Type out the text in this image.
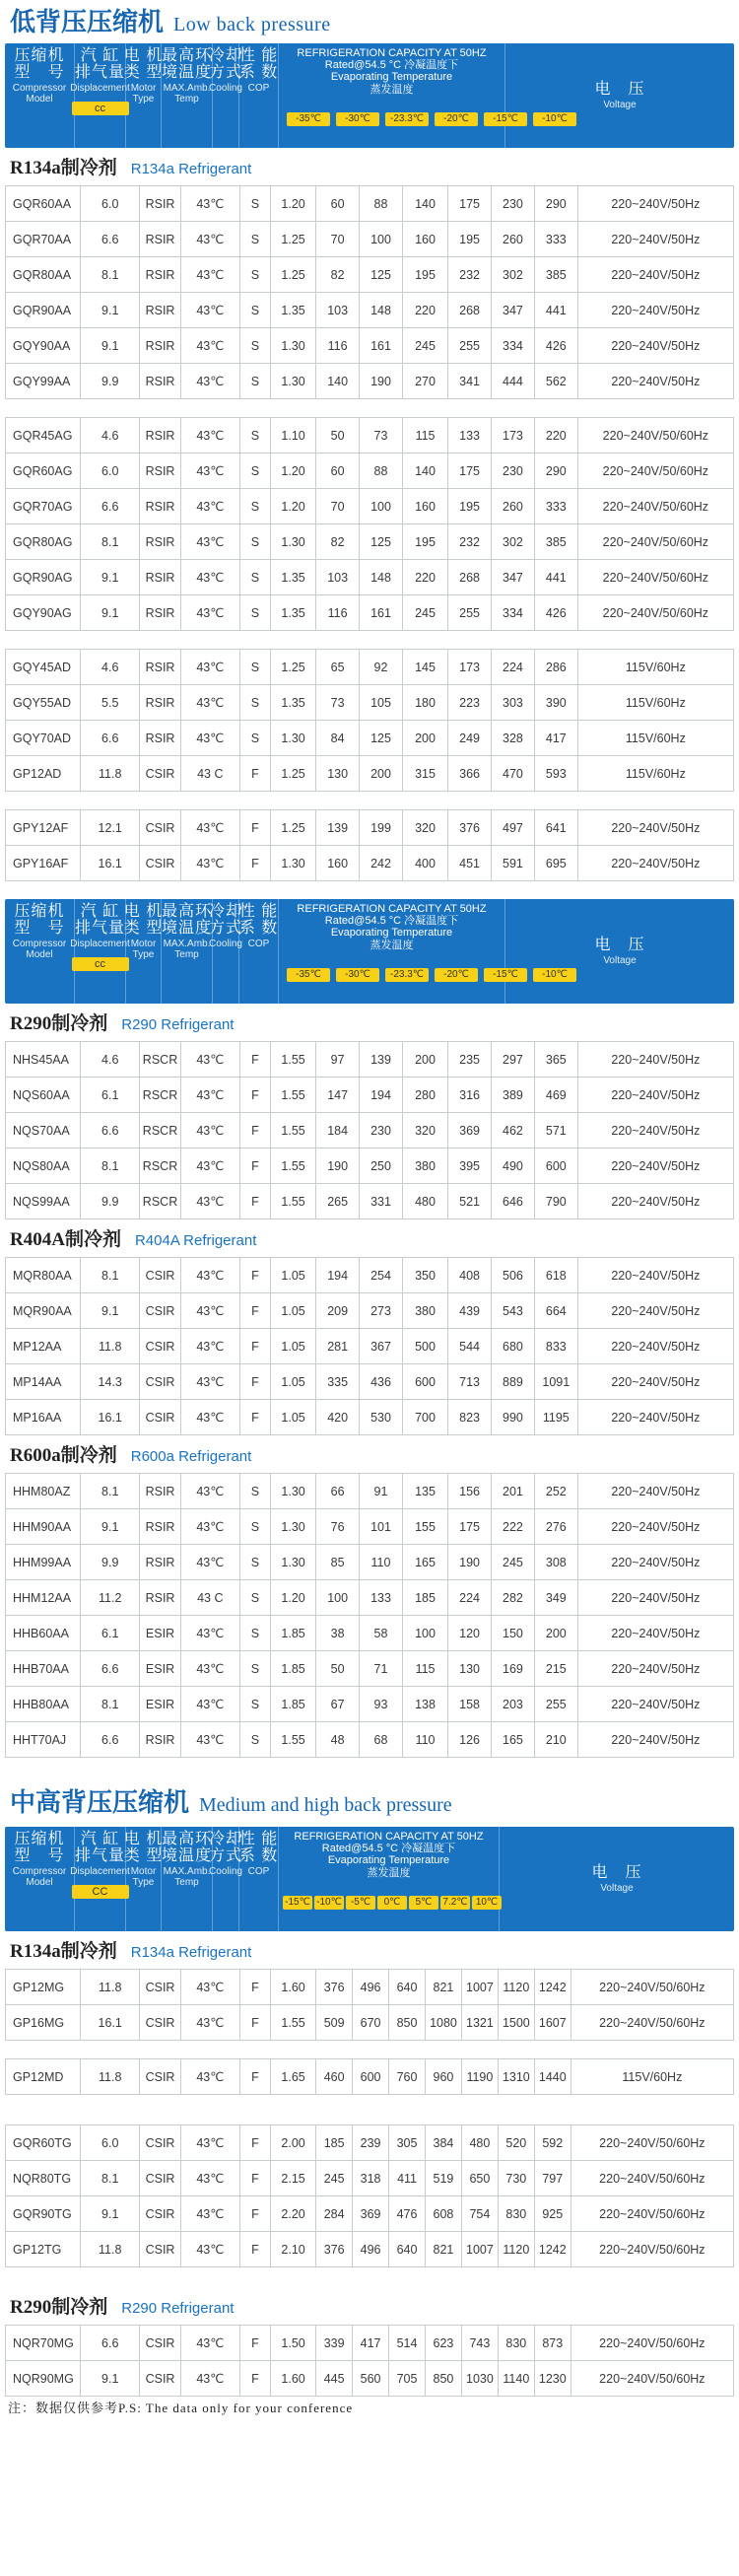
低背压压缩机 Low back pressure
压缩机
型　号
Compressor
Model
汽 缸
排气量
Displacement
cc
电 机
类 型
Motor
Type
最高环
境温度
MAX.Amb.
Temp
冷却
方式
Cooling
性 能
系 数
COP
REFRIGERATION CAPACITY AT 50HZ
Rated@54.5 °C 冷凝温度下
Evaporating Temperature
蒸发温度
-35℃	-30℃	-23.3℃	-20℃	-15℃	-10℃
电　压
Voltage
R134a制冷剂 R134a Refrigerant
GQR60AA	6.0	RSIR	43℃	S	1.20	60	88	140	175	230	290	220~240V/50Hz
GQR70AA	6.6	RSIR	43℃	S	1.25	70	100	160	195	260	333	220~240V/50Hz
GQR80AA	8.1	RSIR	43℃	S	1.25	82	125	195	232	302	385	220~240V/50Hz
GQR90AA	9.1	RSIR	43℃	S	1.35	103	148	220	268	347	441	220~240V/50Hz
GQY90AA	9.1	RSIR	43℃	S	1.30	116	161	245	255	334	426	220~240V/50Hz
GQY99AA	9.9	RSIR	43℃	S	1.30	140	190	270	341	444	562	220~240V/50Hz
GQR45AG	4.6	RSIR	43℃	S	1.10	50	73	115	133	173	220	220~240V/50/60Hz
GQR60AG	6.0	RSIR	43℃	S	1.20	60	88	140	175	230	290	220~240V/50/60Hz
GQR70AG	6.6	RSIR	43℃	S	1.20	70	100	160	195	260	333	220~240V/50/60Hz
GQR80AG	8.1	RSIR	43℃	S	1.30	82	125	195	232	302	385	220~240V/50/60Hz
GQR90AG	9.1	RSIR	43℃	S	1.35	103	148	220	268	347	441	220~240V/50/60Hz
GQY90AG	9.1	RSIR	43℃	S	1.35	116	161	245	255	334	426	220~240V/50/60Hz
GQY45AD	4.6	RSIR	43℃	S	1.25	65	92	145	173	224	286	115V/60Hz
GQY55AD	5.5	RSIR	43℃	S	1.35	73	105	180	223	303	390	115V/60Hz
GQY70AD	6.6	RSIR	43℃	S	1.30	84	125	200	249	328	417	115V/60Hz
GP12AD	11.8	CSIR	43 C	F	1.25	130	200	315	366	470	593	115V/60Hz
GPY12AF	12.1	CSIR	43℃	F	1.25	139	199	320	376	497	641	220~240V/50Hz
GPY16AF	16.1	CSIR	43℃	F	1.30	160	242	400	451	591	695	220~240V/50Hz
压缩机
型　号
Compressor
Model
汽 缸
排气量
Displacement
cc
电 机
类 型
Motor
Type
最高环
境温度
MAX.Amb.
Temp
冷却
方式
Cooling
性 能
系 数
COP
REFRIGERATION CAPACITY AT 50HZ
Rated@54.5 °C 冷凝温度下
Evaporating Temperature
蒸发温度
-35℃	-30℃	-23.3℃	-20℃	-15℃	-10℃
电　压
Voltage
R290制冷剂 R290 Refrigerant
NHS45AA	4.6	RSCR	43℃	F	1.55	97	139	200	235	297	365	220~240V/50Hz
NQS60AA	6.1	RSCR	43℃	F	1.55	147	194	280	316	389	469	220~240V/50Hz
NQS70AA	6.6	RSCR	43℃	F	1.55	184	230	320	369	462	571	220~240V/50Hz
NQS80AA	8.1	RSCR	43℃	F	1.55	190	250	380	395	490	600	220~240V/50Hz
NQS99AA	9.9	RSCR	43℃	F	1.55	265	331	480	521	646	790	220~240V/50Hz
R404A制冷剂 R404A Refrigerant
MQR80AA	8.1	CSIR	43℃	F	1.05	194	254	350	408	506	618	220~240V/50Hz
MQR90AA	9.1	CSIR	43℃	F	1.05	209	273	380	439	543	664	220~240V/50Hz
MP12AA	11.8	CSIR	43℃	F	1.05	281	367	500	544	680	833	220~240V/50Hz
MP14AA	14.3	CSIR	43℃	F	1.05	335	436	600	713	889	1091	220~240V/50Hz
MP16AA	16.1	CSIR	43℃	F	1.05	420	530	700	823	990	1195	220~240V/50Hz
R600a制冷剂 R600a Refrigerant
HHM80AZ	8.1	RSIR	43℃	S	1.30	66	91	135	156	201	252	220~240V/50Hz
HHM90AA	9.1	RSIR	43℃	S	1.30	76	101	155	175	222	276	220~240V/50Hz
HHM99AA	9.9	RSIR	43℃	S	1.30	85	110	165	190	245	308	220~240V/50Hz
HHM12AA	11.2	RSIR	43 C	S	1.20	100	133	185	224	282	349	220~240V/50Hz
HHB60AA	6.1	ESIR	43℃	S	1.85	38	58	100	120	150	200	220~240V/50Hz
HHB70AA	6.6	ESIR	43℃	S	1.85	50	71	115	130	169	215	220~240V/50Hz
HHB80AA	8.1	ESIR	43℃	S	1.85	67	93	138	158	203	255	220~240V/50Hz
HHT70AJ	6.6	RSIR	43℃	S	1.55	48	68	110	126	165	210	220~240V/50Hz
中高背压压缩机 Medium and high back pressure
压缩机
型　号
Compressor
Model
汽 缸
排气量
Displacement
CC
电 机
类 型
Motor
Type
最高环
境温度
MAX.Amb.
Temp
冷却
方式
Cooling
性 能
系 数
COP
REFRIGERATION CAPACITY AT 50HZ
Rated@54.5 °C 冷凝温度下
Evaporating Temperature
蒸发温度
-15℃ -10℃ -5℃	0℃	5℃	7.2℃ 10℃
电　压
Voltage
R134a制冷剂 R134a Refrigerant
GP12MG	11.8	CSIR	43℃	F	1.60	376	496	640	821	1007	1120	1242	220~240V/50/60Hz
GP16MG	16.1	CSIR	43℃	F	1.55	509	670	850	1080	1321	1500	1607	220~240V/50/60Hz
GP12MD	11.8	CSIR	43℃	F	1.65	460	600	760	960	1190	1310	1440	115V/60Hz
GQR60TG	6.0	CSIR	43℃	F	2.00	185	239	305	384	480	520	592	220~240V/50/60Hz
NQR80TG	8.1	CSIR	43℃	F	2.15	245	318	411	519	650	730	797	220~240V/50/60Hz
GQR90TG	9.1	CSIR	43℃	F	2.20	284	369	476	608	754	830	925	220~240V/50/60Hz
GP12TG	11.8	CSIR	43℃	F	2.10	376	496	640	821	1007	1120	1242	220~240V/50/60Hz
R290制冷剂 R290 Refrigerant
NQR70MG	6.6	CSIR	43℃	F	1.50	339	417	514	623	743	830	873	220~240V/50/60Hz
NQR90MG	9.1	CSIR	43℃	F	1.60	445	560	705	850	1030	1140	1230	220~240V/50/60Hz
注：数据仅供参考P.S: The data only for your conference
